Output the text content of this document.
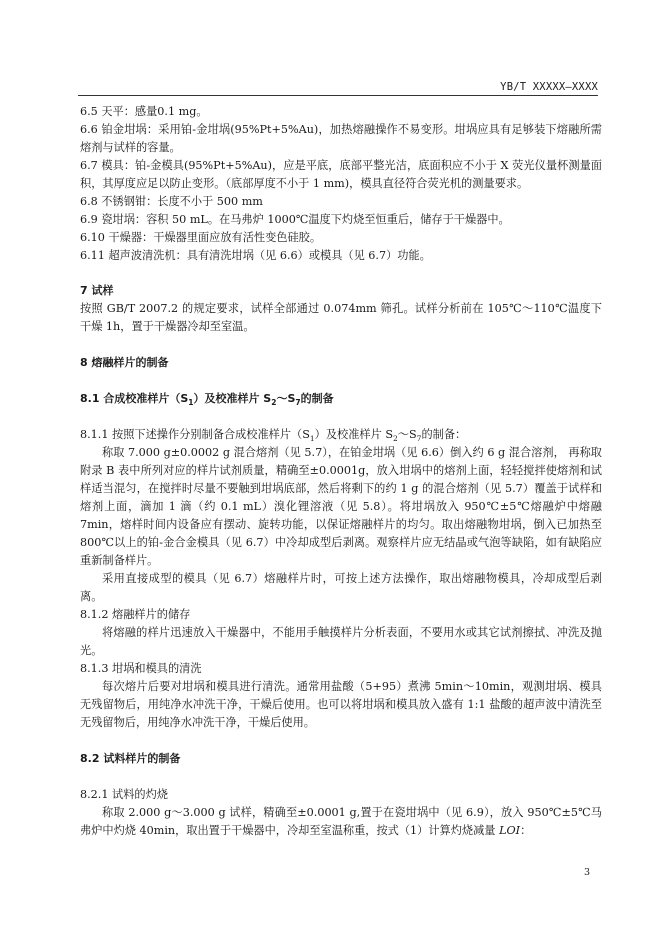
YB/T XXXXX—XXXX

6.5 天平：感量0.1 mg。

6.6 铂金坩埚：采用铂-金坩埚(95%Pt+5%Au)，加热熔融操作不易变形。坩埚应具有足够装下熔融所需熔剂与试样的容量。

6.7 模具：铂-金模具(95%Pt+5%Au)，应是平底，底部平整光洁，底面积应不小于 X 荧光仪量杯测量面积，其厚度应足以防止变形。（底部厚度不小于 1 mm)，模具直径符合荧光机的测量要求。

6.8 不锈钢钳：长度不小于 500 mm

6.9 瓷坩埚：容积 50 mL。在马弗炉 1000℃温度下灼烧至恒重后，储存于干燥器中。

6.10 干燥器：干燥器里面应放有活性变色硅胶。

6.11 超声波清洗机：具有清洗坩埚（见 6.6）或模具（见 6.7）功能。

7 试样

按照 GB/T 2007.2 的规定要求，试样全部通过 0.074mm 筛孔。试样分析前在 105℃～110℃温度下干燥 1h，置于干燥器冷却至室温。

8 熔融样片的制备

8.1 合成校准样片$(S_1)$及校准样片 $S_2\sim S_7$的制备

8.1.1 按照下述操作分别制备合成校准样片$(S_1)$及校准样片 $S_2\sim S_7$的制备：

称取 7.000 g±0.0002 g 混合熔剂（见 5.7），在铂金坩埚（见 6.6）倒入约 6 g 混合溶剂， 再称取附录 B 表中所列对应的样片试剂质量，精确至±0.0001g，放入坩埚中的熔剂上面，轻轻搅拌使熔剂和试样适当混匀，在搅拌时尽量不要触到坩埚底部，然后将剩下的约 1 g 的混合熔剂（见 5.7）覆盖于试样和熔剂上面，滴加 1 滴（约 0.1 mL）溴化锂溶液（见 5.8）。将坩埚放入 950℃±5℃熔融炉中熔融 7min，熔样时间内设备应有摆动、旋转功能，以保证熔融样片的均匀。取出熔融物坩埚，倒入已加热至 800℃以上的铂-金合金模具（见 6.7）中冷却成型后剥离。观察样片应无结晶或气泡等缺陷，如有缺陷应重新制备样片。

采用直接成型的模具（见 6.7）熔融样片时，可按上述方法操作，取出熔融物模具，冷却成型后剥离。

8.1.2 熔融样片的储存

将熔融的样片迅速放入干燥器中，不能用手触摸样片分析表面，不要用水或其它试剂擦拭、冲洗及抛光。

8.1.3 坩埚和模具的清洗

每次熔片后要对坩埚和模具进行清洗。通常用盐酸（5+95）煮沸 5min～10min，观测坩埚、模具无残留物后，用纯净水冲洗干净，干燥后使用。也可以将坩埚和模具放入盛有 1:1 盐酸的超声波中清洗至无残留物后，用纯净水冲洗干净，干燥后使用。

8.2 试料样片的制备

8.2.1 试料的灼烧

称取 2.000 g～3.000 g 试样，精确至±0.0001 g,置于在瓷坩埚中（见 6.9），放入 950℃±5℃马弗炉中灼烧 40min，取出置于干燥器中，冷却至室温称重，按式（1）计算灼烧减量 LOI：

3
